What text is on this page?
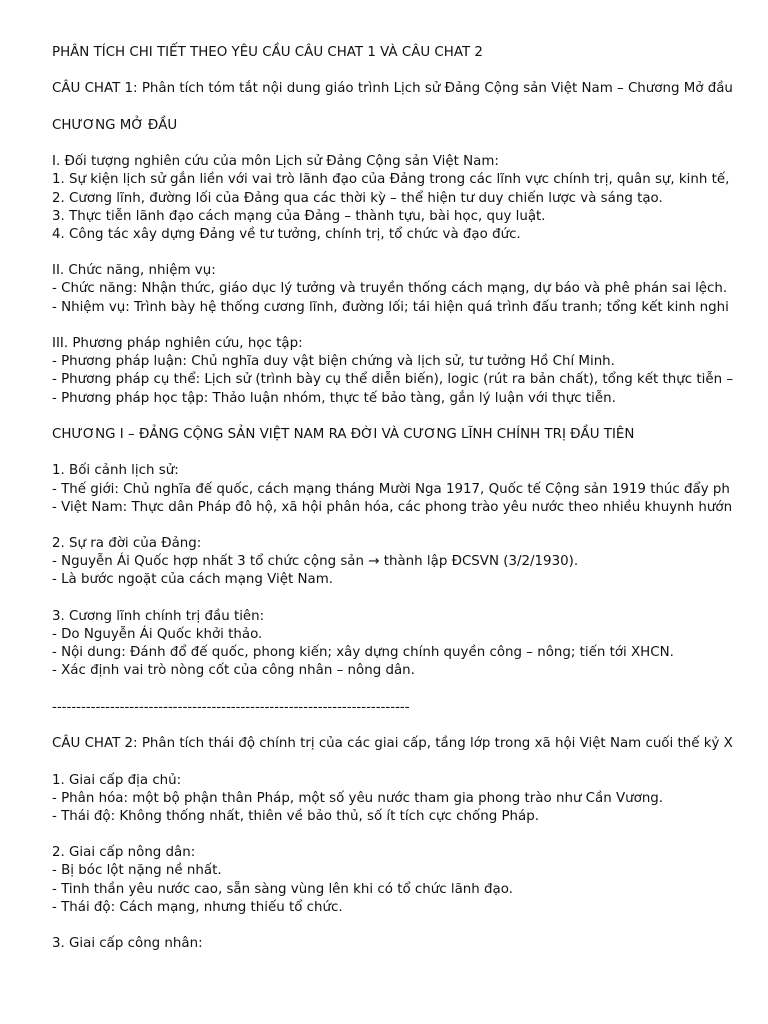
PHÂN TÍCH CHI TIẾT THEO YÊU CẦU CÂU CHAT 1 VÀ CÂU CHAT 2
CÂU CHAT 1: Phân tích tóm tắt nội dung giáo trình Lịch sử Đảng Cộng sản Việt Nam – Chương Mở đầu
CHƯƠNG MỞ ĐẦU
I. Đối tượng nghiên cứu của môn Lịch sử Đảng Cộng sản Việt Nam:
1. Sự kiện lịch sử gắn liền với vai trò lãnh đạo của Đảng trong các lĩnh vực chính trị, quân sự, kinh tế,
2. Cương lĩnh, đường lối của Đảng qua các thời kỳ – thể hiện tư duy chiến lược và sáng tạo.
3. Thực tiễn lãnh đạo cách mạng của Đảng – thành tựu, bài học, quy luật.
4. Công tác xây dựng Đảng về tư tưởng, chính trị, tổ chức và đạo đức.
II. Chức năng, nhiệm vụ:
- Chức năng: Nhận thức, giáo dục lý tưởng và truyền thống cách mạng, dự báo và phê phán sai lệch.
- Nhiệm vụ: Trình bày hệ thống cương lĩnh, đường lối; tái hiện quá trình đấu tranh; tổng kết kinh nghi
III. Phương pháp nghiên cứu, học tập:
- Phương pháp luận: Chủ nghĩa duy vật biện chứng và lịch sử, tư tưởng Hồ Chí Minh.
- Phương pháp cụ thể: Lịch sử (trình bày cụ thể diễn biến), logic (rút ra bản chất), tổng kết thực tiễn –
- Phương pháp học tập: Thảo luận nhóm, thực tế bảo tàng, gắn lý luận với thực tiễn.
CHƯƠNG I – ĐẢNG CỘNG SẢN VIỆT NAM RA ĐỜI VÀ CƯƠNG LĨNH CHÍNH TRỊ ĐẦU TIÊN
1. Bối cảnh lịch sử:
- Thế giới: Chủ nghĩa đế quốc, cách mạng tháng Mười Nga 1917, Quốc tế Cộng sản 1919 thúc đẩy ph
- Việt Nam: Thực dân Pháp đô hộ, xã hội phân hóa, các phong trào yêu nước theo nhiều khuynh hướn
2. Sự ra đời của Đảng:
- Nguyễn Ái Quốc hợp nhất 3 tổ chức cộng sản → thành lập ĐCSVN (3/2/1930).
- Là bước ngoặt của cách mạng Việt Nam.
3. Cương lĩnh chính trị đầu tiên:
- Do Nguyễn Ái Quốc khởi thảo.
- Nội dung: Đánh đổ đế quốc, phong kiến; xây dựng chính quyền công – nông; tiến tới XHCN.
- Xác định vai trò nòng cốt của công nhân – nông dân.
--------------------------------------------------------------------------
CÂU CHAT 2: Phân tích thái độ chính trị của các giai cấp, tầng lớp trong xã hội Việt Nam cuối thế kỷ X
1. Giai cấp địa chủ:
- Phân hóa: một bộ phận thân Pháp, một số yêu nước tham gia phong trào như Cần Vương.
- Thái độ: Không thống nhất, thiên về bảo thủ, số ít tích cực chống Pháp.
2. Giai cấp nông dân:
- Bị bóc lột nặng nề nhất.
- Tinh thần yêu nước cao, sẵn sàng vùng lên khi có tổ chức lãnh đạo.
- Thái độ: Cách mạng, nhưng thiếu tổ chức.
3. Giai cấp công nhân:
